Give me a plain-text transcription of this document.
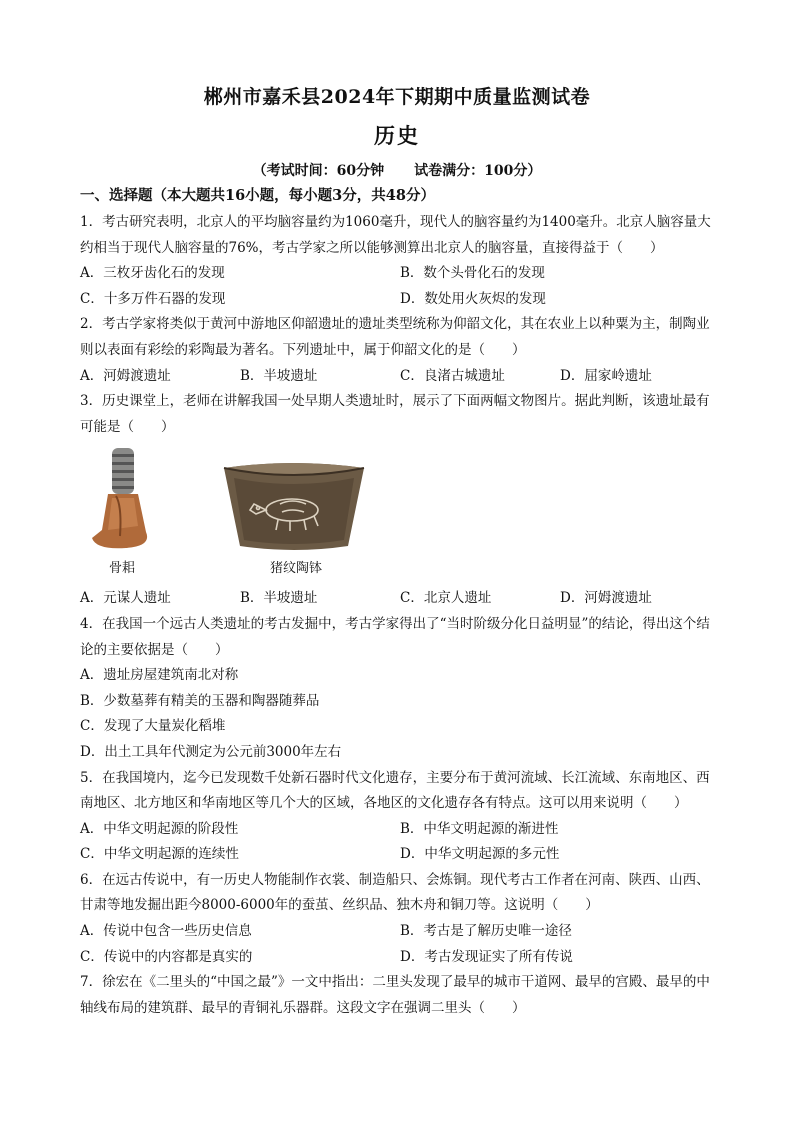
郴州市嘉禾县2024年下期期中质量监测试卷
历史
（考试时间：60分钟 试卷满分：100分）
一、选择题（本大题共16小题，每小题3分，共48分）

1．考古研究表明，北京人的平均脑容量约为1060毫升，现代人的脑容量约为1400毫升。北京人脑容量大约相当于现代人脑容量的76%，考古学家之所以能够测算出北京人的脑容量，直接得益于（　　）

A．三枚牙齿化石的发现	B．数个头骨化石的发现
C．十多万件石器的发现	D．数处用火灰烬的发现

2．考古学家将类似于黄河中游地区仰韶遗址的遗址类型统称为仰韶文化，其在农业上以种粟为主，制陶业则以表面有彩绘的彩陶最为著名。下列遗址中，属于仰韶文化的是（　　）

A．河姆渡遗址	B．半坡遗址	C．良渚古城遗址	D．屈家岭遗址

3．历史课堂上，老师在讲解我国一处早期人类遗址时，展示了下面两幅文物图片。据此判断，该遗址最有可能是（　　）

骨耜	猪纹陶钵
A．元谋人遗址	B．半坡遗址	C．北京人遗址	D．河姆渡遗址

4．在我国一个远古人类遗址的考古发掘中，考古学家得出了“当时阶级分化日益明显”的结论，得出这个结论的主要依据是（　　）

A．遗址房屋建筑南北对称
B．少数墓葬有精美的玉器和陶器随葬品
C．发现了大量炭化稻堆
D．出土工具年代测定为公元前3000年左右

5．在我国境内，迄今已发现数千处新石器时代文化遗存，主要分布于黄河流域、长江流域、东南地区、西南地区、北方地区和华南地区等几个大的区域，各地区的文化遗存各有特点。这可以用来说明（　　）

A．中华文明起源的阶段性	B．中华文明起源的渐进性
C．中华文明起源的连续性	D．中华文明起源的多元性

6．在远古传说中，有一历史人物能制作衣裳、制造船只、会炼铜。现代考古工作者在河南、陕西、山西、甘肃等地发掘出距今8000-6000年的蚕茧、丝织品、独木舟和铜刀等。这说明（　　）

A．传说中包含一些历史信息	B．考古是了解历史唯一途径
C．传说中的内容都是真实的	D．考古发现证实了所有传说

7．徐宏在《二里头的“中国之最”》一文中指出：二里头发现了最早的城市干道网、最早的宫殿、最早的中轴线布局的建筑群、最早的青铜礼乐器群。这段文字在强调二里头（　　）
